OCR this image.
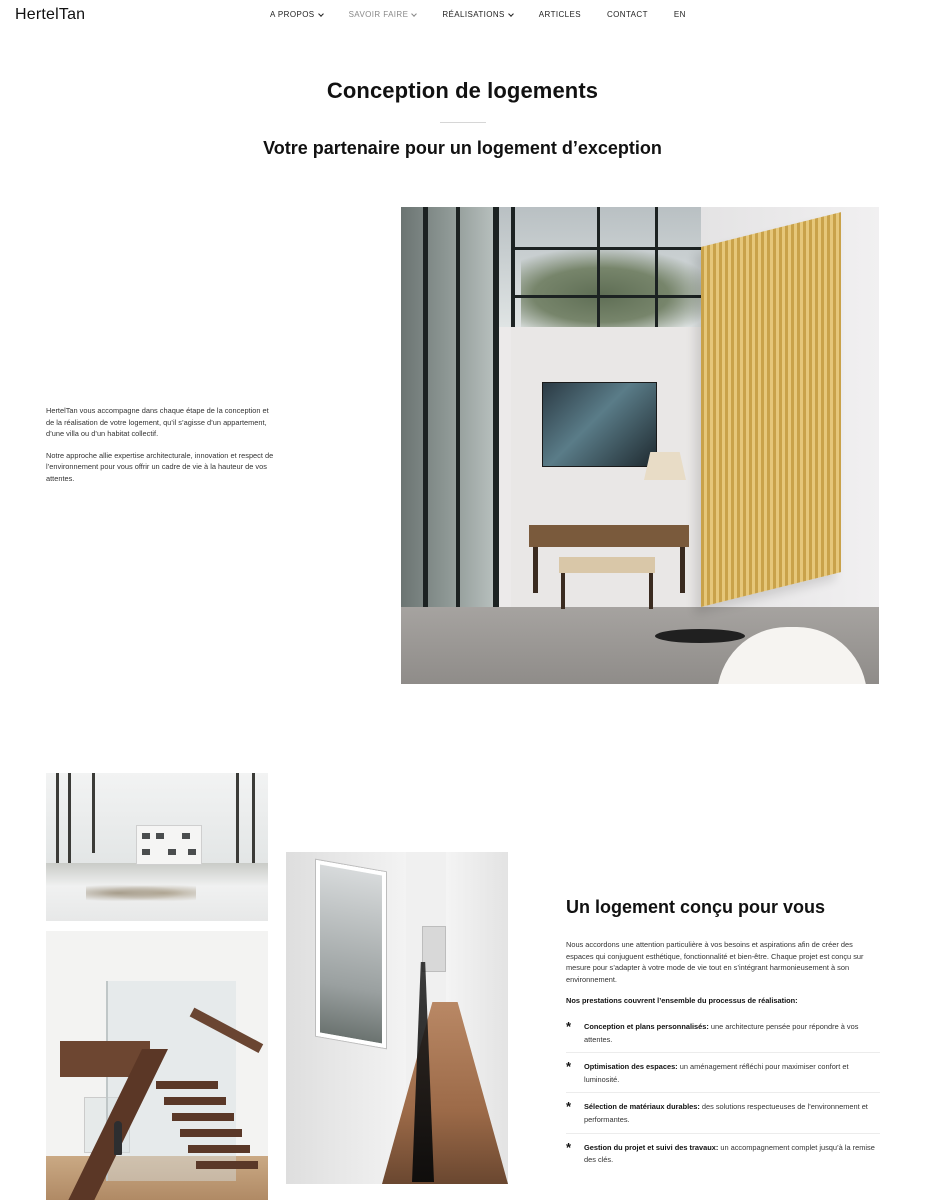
HertelTan	A PROPOS	SAVOIR FAIRE	RÉALISATIONS	ARTICLES	CONTACT	EN
Conception de logements
Votre partenaire pour un logement d’exception

HertelTan vous accompagne dans chaque étape de la conception et de la réalisation de votre logement, qu’il s’agisse d’un appartement, d’une villa ou d’un habitat collectif.

Notre approche allie expertise architecturale, innovation et respect de l’environnement pour vous offrir un cadre de vie à la hauteur de vos attentes.

Un logement conçu pour vous

Nous accordons une attention particulière à vos besoins et aspirations afin de créer des espaces qui conjuguent esthétique, fonctionnalité et bien-être. Chaque projet est conçu sur mesure pour s’adapter à votre mode de vie tout en s’intégrant harmonieusement à son environnement.

Nos prestations couvrent l’ensemble du processus de réalisation:

* Conception et plans personnalisés: une architecture pensée pour répondre à vos attentes.
* Optimisation des espaces: un aménagement réfléchi pour maximiser confort et luminosité.
* Sélection de matériaux durables: des solutions respectueuses de l’environnement et performantes.
* Gestion du projet et suivi des travaux: un accompagnement complet jusqu’à la remise des clés.
